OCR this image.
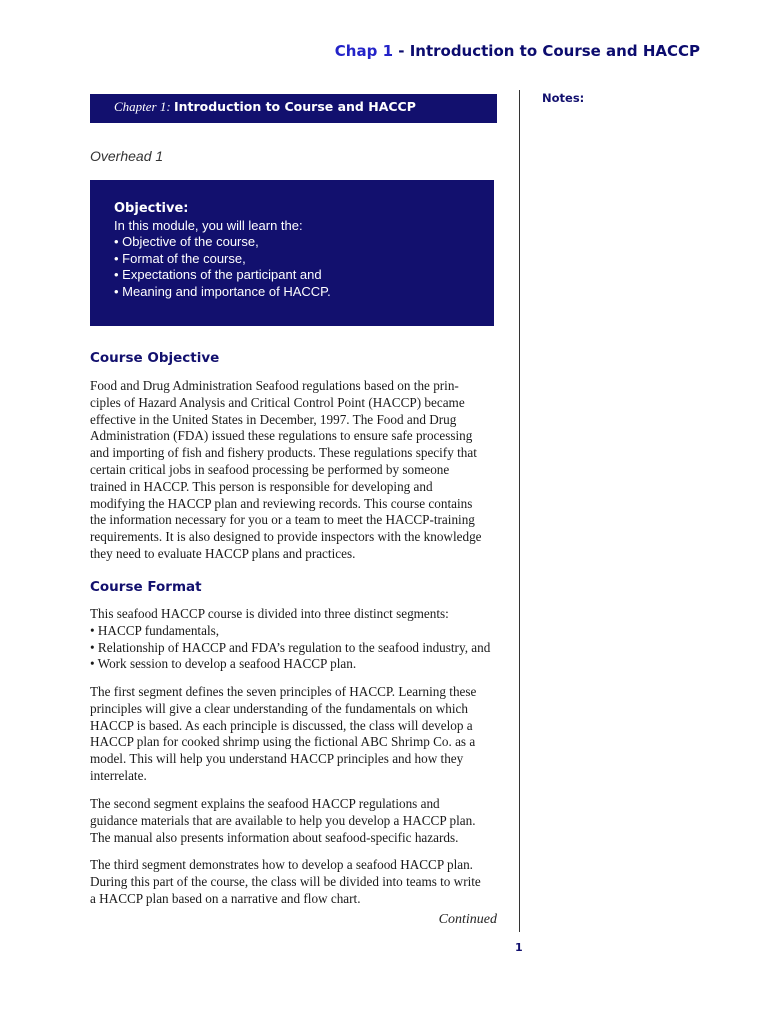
Chap 1 - Introduction to Course and HACCP
Chapter 1: Introduction to Course and HACCP
Overhead 1
Objective:
In this module, you will learn the:
• Objective of the course,
• Format of the course,
• Expectations of the participant and
• Meaning and importance of HACCP.
Course Objective
Food and Drug Administration Seafood regulations based on the prin-
ciples of Hazard Analysis and Critical Control Point (HACCP) became
effective in the United States in December, 1997. The Food and Drug
Administration (FDA) issued these regulations to ensure safe processing
and importing of fish and fishery products. These regulations specify that
certain critical jobs in seafood processing be performed by someone
trained in HACCP. This person is responsible for developing and
modifying the HACCP plan and reviewing records. This course contains
the information necessary for you or a team to meet the HACCP-training
requirements. It is also designed to provide inspectors with the knowledge
they need to evaluate HACCP plans and practices.
Course Format
This seafood HACCP course is divided into three distinct segments:
• HACCP fundamentals,
• Relationship of HACCP and FDA’s regulation to the seafood industry, and
• Work session to develop a seafood HACCP plan.
The first segment defines the seven principles of HACCP. Learning these
principles will give a clear understanding of the fundamentals on which
HACCP is based. As each principle is discussed, the class will develop a
HACCP plan for cooked shrimp using the fictional ABC Shrimp Co. as a
model. This will help you understand HACCP principles and how they
interrelate.
The second segment explains the seafood HACCP regulations and
guidance materials that are available to help you develop a HACCP plan.
The manual also presents information about seafood-specific hazards.
The third segment demonstrates how to develop a seafood HACCP plan.
During this part of the course, the class will be divided into teams to write
a HACCP plan based on a narrative and flow chart.
Continued
Notes:
1
